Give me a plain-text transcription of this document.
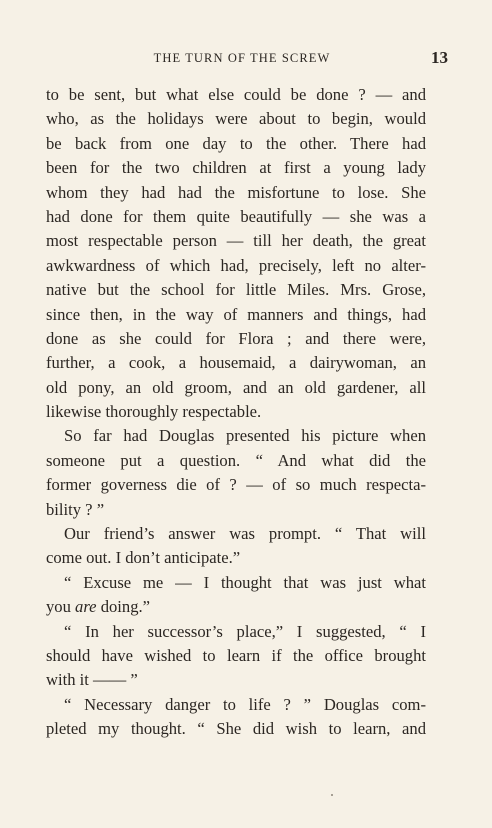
THE TURN OF THE SCREW	13
to be sent, but what else could be done ? — and
who, as the holidays were about to begin, would
be back from one day to the other. There had
been for the two children at first a young lady
whom they had had the misfortune to lose. She
had done for them quite beautifully — she was a
most respectable person — till her death, the great
awkwardness of which had, precisely, left no alter-
native but the school for little Miles. Mrs. Grose,
since then, in the way of manners and things, had
done as she could for Flora ; and there were,
further, a cook, a housemaid, a dairywoman, an
old pony, an old groom, and an old gardener, all
likewise thoroughly respectable.
So far had Douglas presented his picture when
someone put a question. “ And what did the
former governess die of ? — of so much respecta-
bility ? ”
Our friend’s answer was prompt. “ That will
come out. I don’t anticipate.”
“ Excuse me — I thought that was just what
you are doing.”
“ In her successor’s place,” I suggested, “ I
should have wished to learn if the office brought
with it —— ”
“ Necessary danger to life ? ” Douglas com-
pleted my thought. “ She did wish to learn, and
